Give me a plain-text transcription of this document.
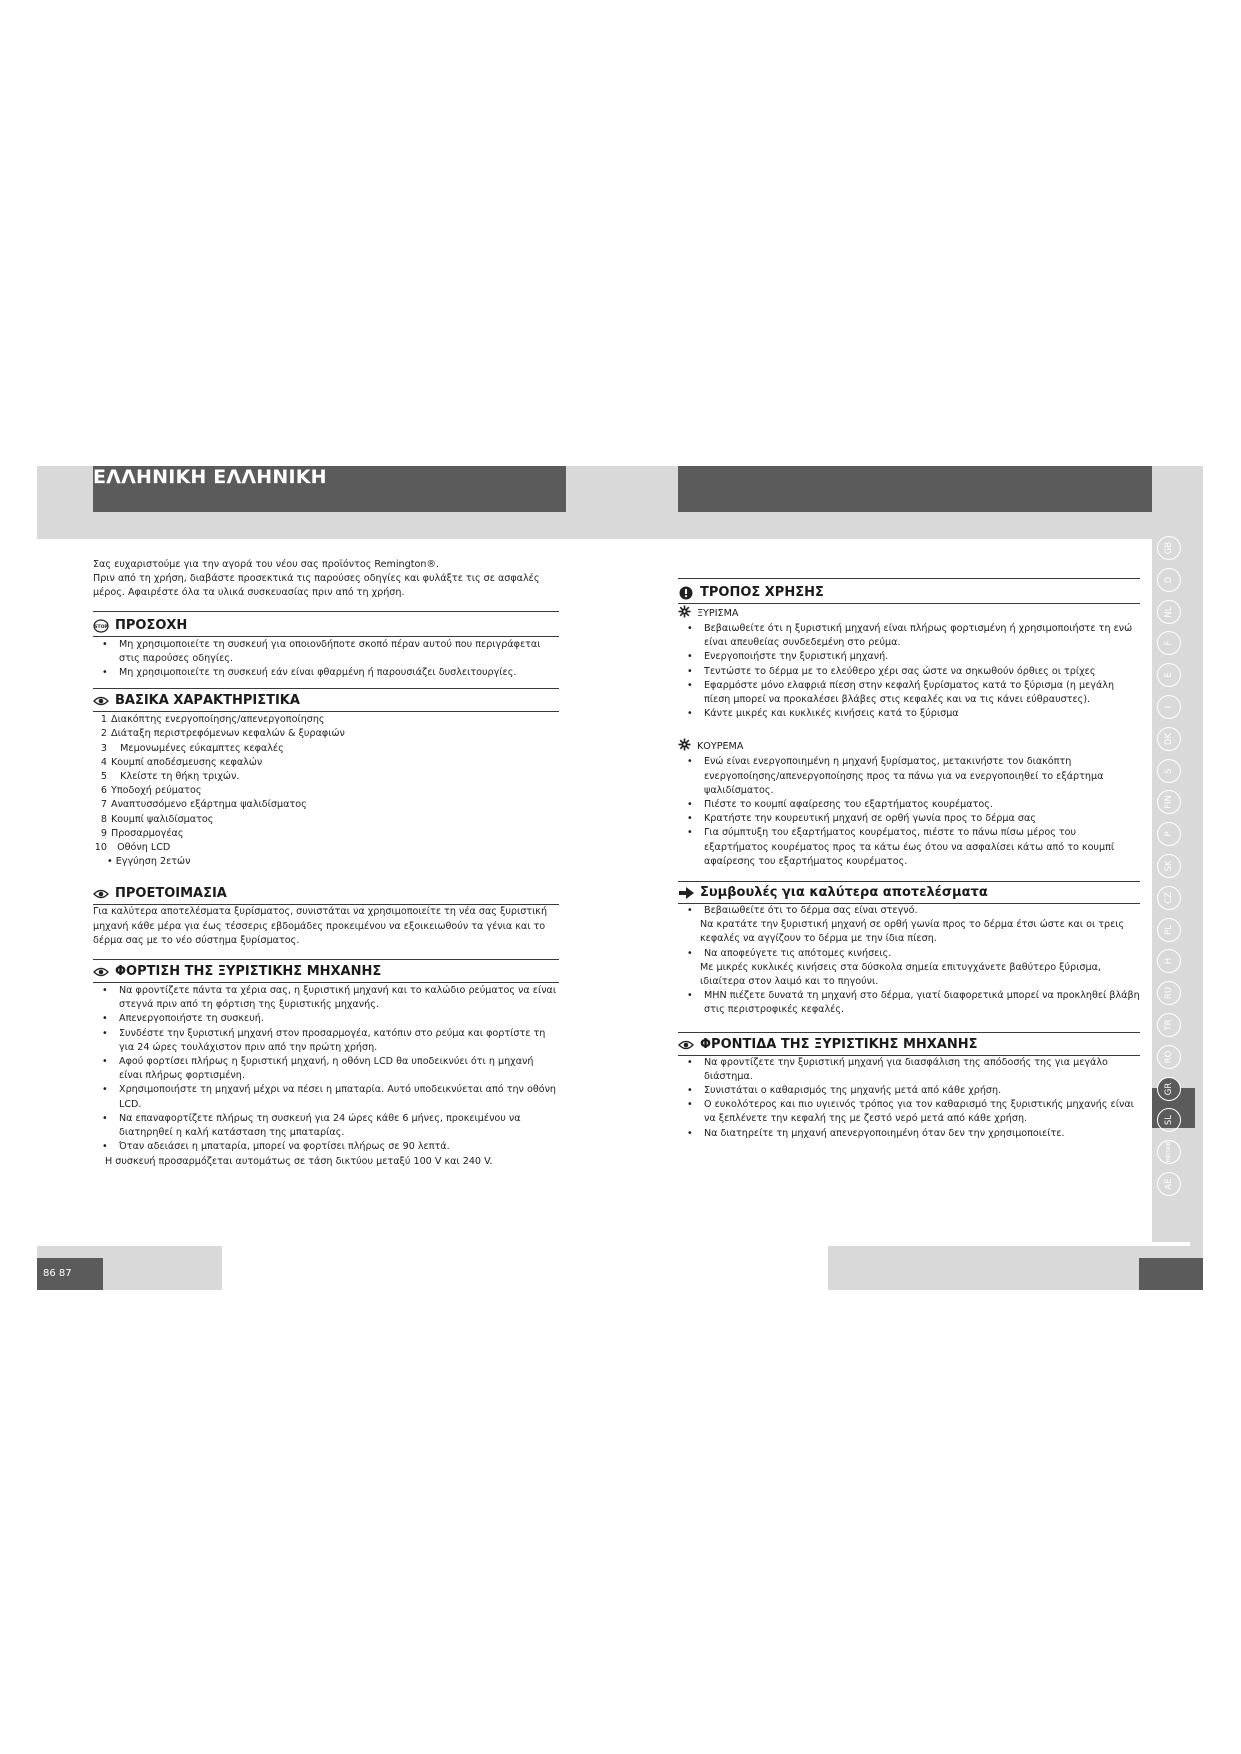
ΕΛΛΗΝΙΚΗ ΕΛΛΗΝΙΚΗ
86 87
GB
D
NL
F
E
I
DK
S
FIN
P
SK
CZ
PL
H
RU
TR
RO
GR
SL
HR/SRB
AE

Σας ευχαριστούμε για την αγορά του νέου σας προϊόντος Remington®.

Πριν από τη χρήση, διαβάστε προσεκτικά τις παρούσες οδηγίες και φυλάξτε τις σε ασφαλές

μέρος. Αφαιρέστε όλα τα υλικά συσκευασίας πριν από τη χρήση.

STOP ΠΡΟΣΟΧΗ
• Μη χρησιμοποιείτε τη συσκευή για οποιονδήποτε σκοπό πέραν αυτού που περιγράφεται στις παρούσες οδηγίες.
• Μη χρησιμοποιείτε τη συσκευή εάν είναι φθαρμένη ή παρουσιάζει δυσλειτουργίες.
ΒΑΣΙΚΑ ΧΑΡΑΚΤΗΡΙΣΤΙΚΑ
1 Διακόπτης ενεργοποίησης/απενεργοποίησης
2 Διάταξη περιστρεφόμενων κεφαλών & ξυραφιών
3 Μεμονωμένες εύκαμπτες κεφαλές
4 Κουμπί αποδέσμευσης κεφαλών
5 Κλείστε τη θήκη τριχών.
6 Υποδοχή ρεύματος
7 Αναπτυσσόμενο εξάρτημα ψαλιδίσματος
8 Κουμπί ψαλιδίσματος
9 Προσαρμογέας
10 Οθόνη LCD
• Εγγύηση 2ετών
ΠΡΟΕΤΟΙΜΑΣΙΑ
Για καλύτερα αποτελέσματα ξυρίσματος, συνιστάται να χρησιμοποιείτε τη νέα σας ξυριστική
μηχανή κάθε μέρα για έως τέσσερις εβδομάδες προκειμένου να εξοικειωθούν τα γένια και το
δέρμα σας με το νέο σύστημα ξυρίσματος.
ΦΟΡΤΙΣΗ ΤΗΣ ΞΥΡΙΣΤΙΚΗΣ ΜΗΧΑΝΗΣ
• Να φροντίζετε πάντα τα χέρια σας, η ξυριστική μηχανή και το καλώδιο ρεύματος να είναι στεγνά πριν από τη φόρτιση της ξυριστικής μηχανής.
• Απενεργοποιήστε τη συσκευή.
• Συνδέστε την ξυριστική μηχανή στον προσαρμογέα, κατόπιν στο ρεύμα και φορτίστε τη για 24 ώρες τουλάχιστον πριν από την πρώτη χρήση.
• Αφού φορτίσει πλήρως η ξυριστική μηχανή, η οθόνη LCD θα υποδεικνύει ότι η μηχανή είναι πλήρως φορτισμένη.
• Χρησιμοποιήστε τη μηχανή μέχρι να πέσει η μπαταρία. Αυτό υποδεικνύεται από την οθόνη LCD.
• Να επαναφορτίζετε πλήρως τη συσκευή για 24 ώρες κάθε 6 μήνες, προκειμένου να διατηρηθεί η καλή κατάσταση της μπαταρίας.
• Όταν αδειάσει η μπαταρία, μπορεί να φορτίσει πλήρως σε 90 λεπτά.
Η συσκευή προσαρμόζεται αυτομάτως σε τάση δικτύου μεταξύ 100 V και 240 V.
ΤΡΟΠΟΣ ΧΡΗΣΗΣ
ΞΥΡΙΣΜΑ
• Βεβαιωθείτε ότι η ξυριστική μηχανή είναι πλήρως φορτισμένη ή χρησιμοποιήστε τη ενώ είναι απευθείας συνδεδεμένη στο ρεύμα.
• Ενεργοποιήστε την ξυριστική μηχανή.
• Τεντώστε το δέρμα με το ελεύθερο χέρι σας ώστε να σηκωθούν όρθιες οι τρίχες
• Εφαρμόστε μόνο ελαφριά πίεση στην κεφαλή ξυρίσματος κατά το ξύρισμα (η μεγάλη πίεση μπορεί να προκαλέσει βλάβες στις κεφαλές και να τις κάνει εύθραυστες).
• Κάντε μικρές και κυκλικές κινήσεις κατά το ξύρισμα
ΚΟΥΡΕΜΑ
• Ενώ είναι ενεργοποιημένη η μηχανή ξυρίσματος, μετακινήστε τον διακόπτη ενεργοποίησης/απενεργοποίησης προς τα πάνω για να ενεργοποιηθεί το εξάρτημα ψαλιδίσματος.
• Πιέστε το κουμπί αφαίρεσης του εξαρτήματος κουρέματος.
• Κρατήστε την κουρευτική μηχανή σε ορθή γωνία προς το δέρμα σας
• Για σύμπτυξη του εξαρτήματος κουρέματος, πιέστε το πάνω πίσω μέρος του εξαρτήματος κουρέματος προς τα κάτω έως ότου να ασφαλίσει κάτω από το κουμπί αφαίρεσης του εξαρτήματος κουρέματος.
Συμβουλές για καλύτερα αποτελέσματα
• Βεβαιωθείτε ότι το δέρμα σας είναι στεγνό.
Να κρατάτε την ξυριστική μηχανή σε ορθή γωνία προς το δέρμα έτσι ώστε και οι τρεις
κεφαλές να αγγίζουν το δέρμα με την ίδια πίεση.
• Να αποφεύγετε τις απότομες κινήσεις.
Με μικρές κυκλικές κινήσεις στα δύσκολα σημεία επιτυγχάνετε βαθύτερο ξύρισμα,
ιδιαίτερα στον λαιμό και το πηγούνι.
• ΜΗΝ πιέζετε δυνατά τη μηχανή στο δέρμα, γιατί διαφορετικά μπορεί να προκληθεί βλάβη στις περιστροφικές κεφαλές.
ΦΡΟΝΤΙΔΑ ΤΗΣ ΞΥΡΙΣΤΙΚΗΣ ΜΗΧΑΝΗΣ
• Να φροντίζετε την ξυριστική μηχανή για διασφάλιση της απόδοσής της για μεγάλο διάστημα.
• Συνιστάται ο καθαρισμός της μηχανής μετά από κάθε χρήση.
• Ο ευκολότερος και πιο υγιεινός τρόπος για τον καθαρισμό της ξυριστικής μηχανής είναι να ξεπλένετε την κεφαλή της με ζεστό νερό μετά από κάθε χρήση.
• Να διατηρείτε τη μηχανή απενεργοποιημένη όταν δεν την χρησιμοποιείτε.
